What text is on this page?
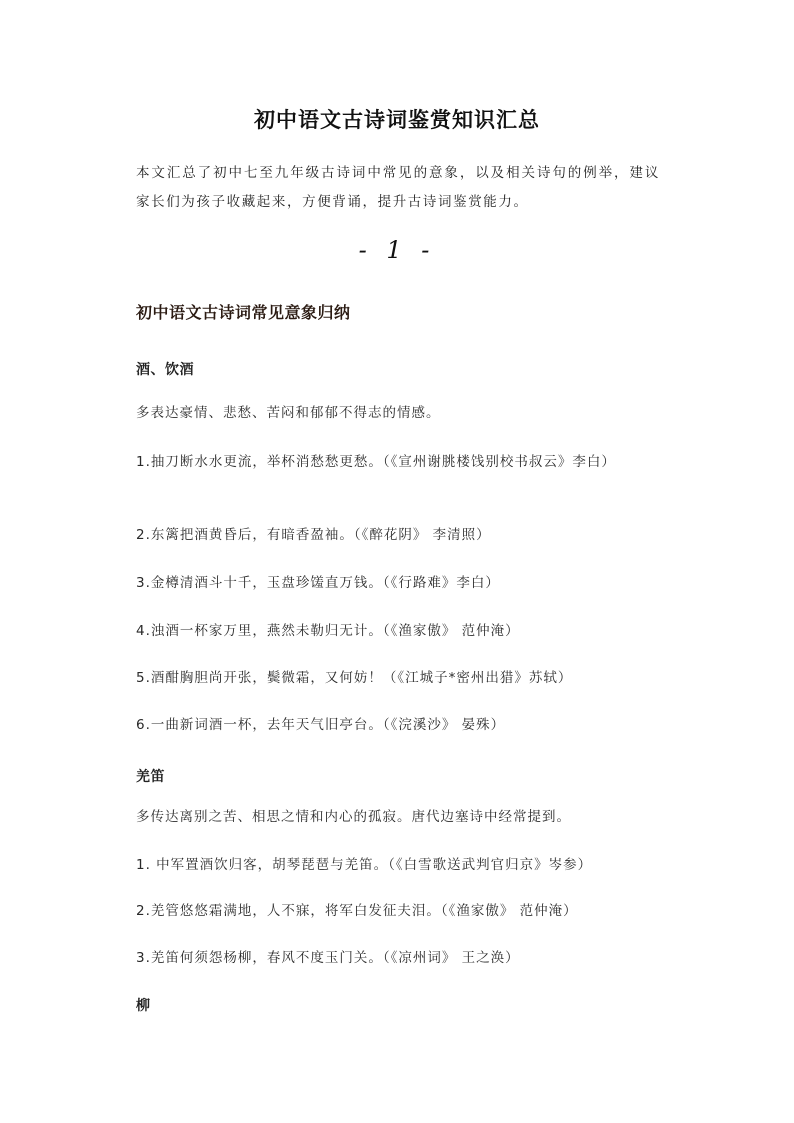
初中语文古诗词鉴赏知识汇总
本文汇总了初中七至九年级古诗词中常见的意象，以及相关诗句的例举，建议家长们为孩子收藏起来，方便背诵，提升古诗词鉴赏能力。
- 1 -
初中语文古诗词常见意象归纳
酒、饮酒
多表达豪情、悲愁、苦闷和郁郁不得志的情感。
1.抽刀断水水更流，举杯消愁愁更愁。（《宣州谢朓楼饯别校书叔云》李白）
2.东篱把酒黄昏后，有暗香盈袖。（《醉花阴》 李清照）
3.金樽清酒斗十千，玉盘珍馐直万钱。（《行路难》李白）
4.浊酒一杯家万里，燕然未勒归无计。（《渔家傲》 范仲淹）
5.酒酣胸胆尚开张，鬓微霜，又何妨！（《江城子*密州出猎》苏轼）
6.一曲新词酒一杯，去年天气旧亭台。（《浣溪沙》 晏殊）
羌笛
多传达离别之苦、相思之情和内心的孤寂。唐代边塞诗中经常提到。
1. 中军置酒饮归客，胡琴琵琶与羌笛。（《白雪歌送武判官归京》岑参）
2.羌管悠悠霜满地，人不寐，将军白发征夫泪。（《渔家傲》 范仲淹）
3.羌笛何须怨杨柳，春风不度玉门关。（《凉州词》 王之涣）
柳
